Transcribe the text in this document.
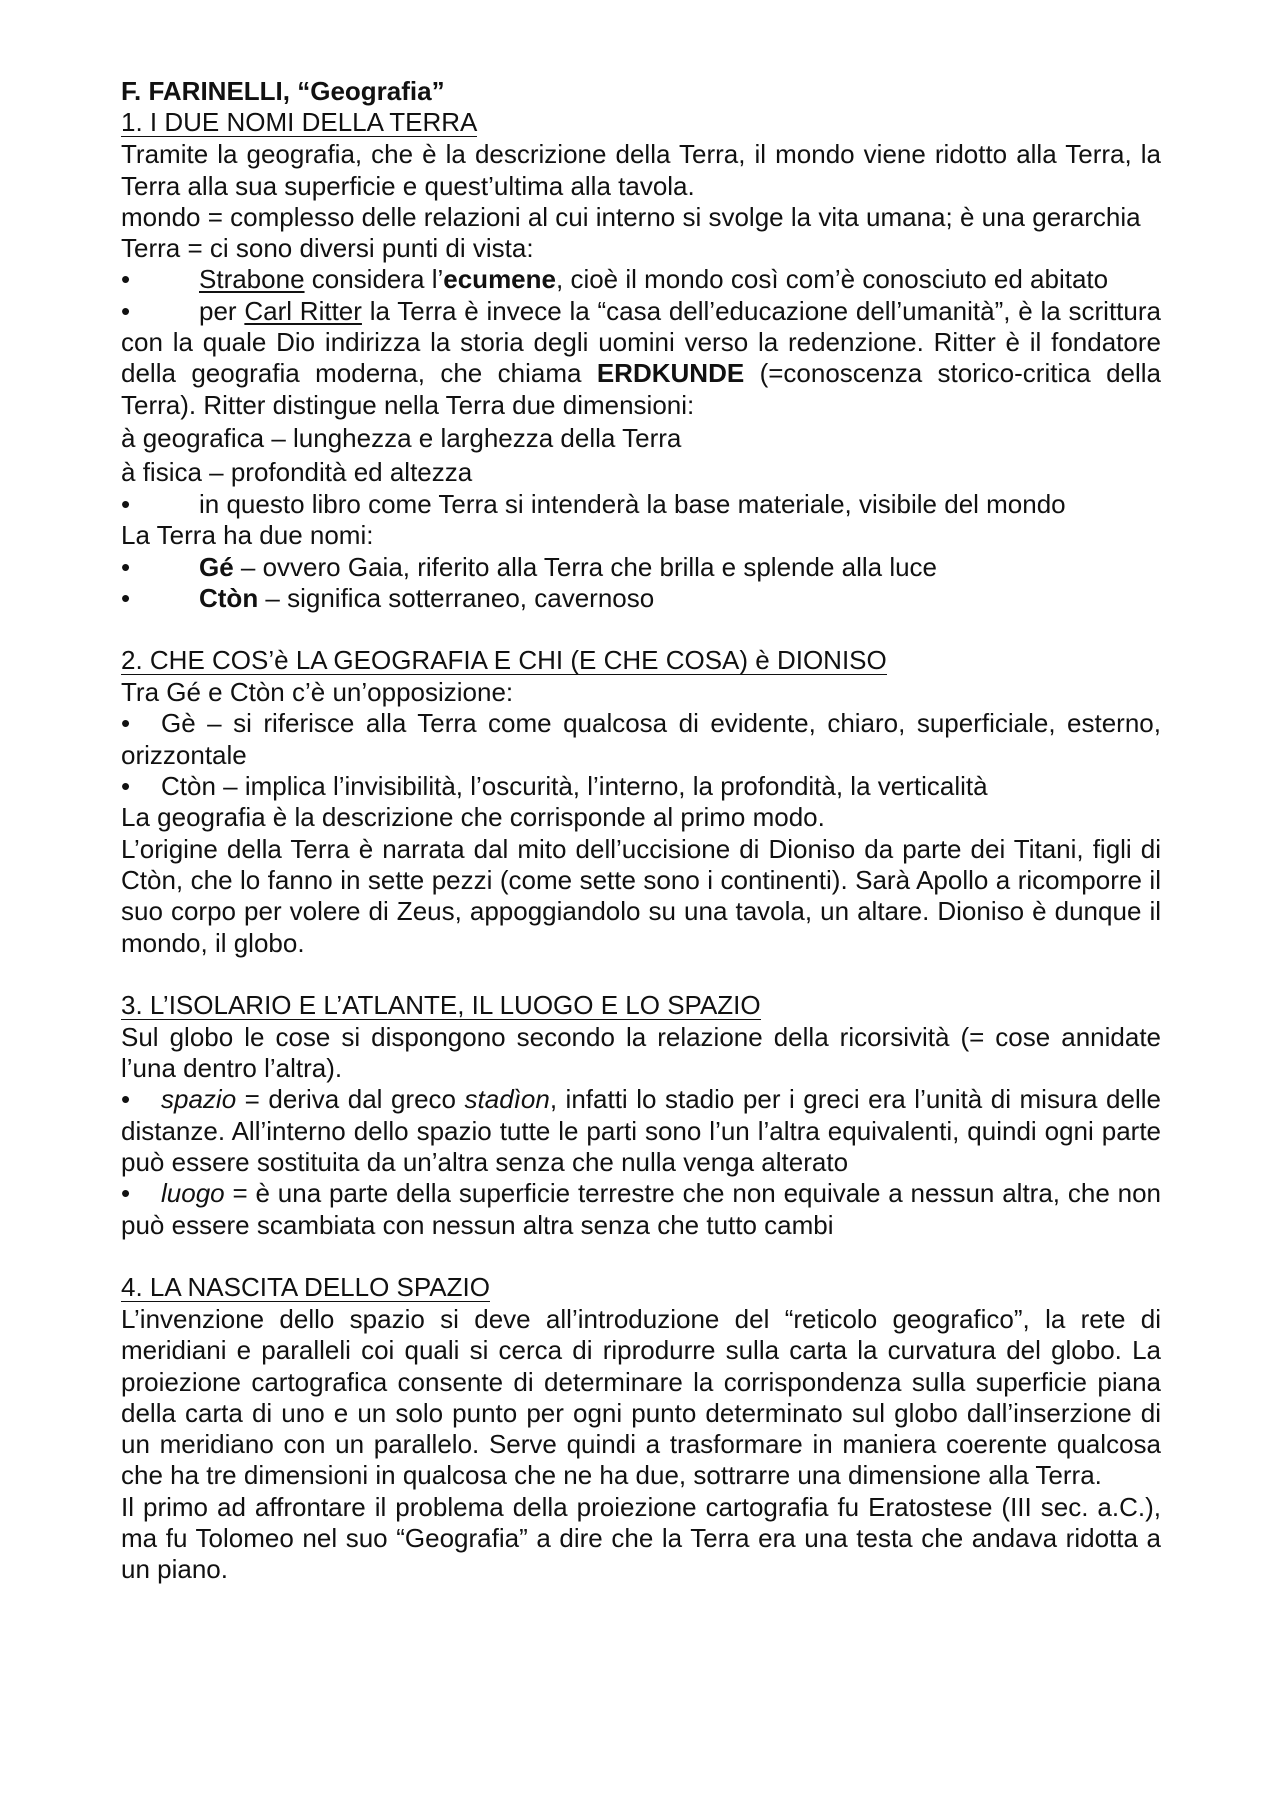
F. FARINELLI, “Geografia”

1. I DUE NOMI DELLA TERRA

Tramite la geografia, che è la descrizione della Terra, il mondo viene ridotto alla Terra, la Terra alla sua superficie e quest’ultima alla tavola.

mondo = complesso delle relazioni al cui interno si svolge la vita umana; è una gerarchia

Terra = ci sono diversi punti di vista:

•	Strabone considera l’ecumene, cioè il mondo così com’è conosciuto ed abitato

•	per Carl Ritter la Terra è invece la “casa dell’educazione dell’umanità”, è la scrittura con la quale Dio indirizza la storia degli uomini verso la redenzione. Ritter è il fondatore della geografia moderna, che chiama ERDKUNDE (=conoscenza storico-critica della Terra). Ritter distingue nella Terra due dimensioni:

à geografica – lunghezza e larghezza della Terra

à fisica – profondità ed altezza

•	in questo libro come Terra si intenderà la base materiale, visibile del mondo

La Terra ha due nomi:

•	Gé – ovvero Gaia, riferito alla Terra che brilla e splende alla luce

•	Ctòn – significa sotterraneo, cavernoso

2. CHE COS’è LA GEOGRAFIA E CHI (E CHE COSA) è DIONISO

Tra Gé e Ctòn c’è un’opposizione:

• Gè – si riferisce alla Terra come qualcosa di evidente, chiaro, superficiale, esterno, orizzontale

• Ctòn – implica l’invisibilità, l’oscurità, l’interno, la profondità, la verticalità

La geografia è la descrizione che corrisponde al primo modo.

L’origine della Terra è narrata dal mito dell’uccisione di Dioniso da parte dei Titani, figli di Ctòn, che lo fanno in sette pezzi (come sette sono i continenti). Sarà Apollo a ricomporre il suo corpo per volere di Zeus, appoggiandolo su una tavola, un altare. Dioniso è dunque il mondo, il globo.

3. L’ISOLARIO E L’ATLANTE, IL LUOGO E LO SPAZIO

Sul globo le cose si dispongono secondo la relazione della ricorsività (= cose annidate l’una dentro l’altra).

• spazio = deriva dal greco stadìon, infatti lo stadio per i greci era l’unità di misura delle distanze. All’interno dello spazio tutte le parti sono l’un l’altra equivalenti, quindi ogni parte può essere sostituita da un’altra senza che nulla venga alterato

• luogo = è una parte della superficie terrestre che non equivale a nessun altra, che non può essere scambiata con nessun altra senza che tutto cambi

4. LA NASCITA DELLO SPAZIO

L’invenzione dello spazio si deve all’introduzione del “reticolo geografico”, la rete di meridiani e paralleli coi quali si cerca di riprodurre sulla carta la curvatura del globo. La proiezione cartografica consente di determinare la corrispondenza sulla superficie piana della carta di uno e un solo punto per ogni punto determinato sul globo dall’inserzione di un meridiano con un parallelo. Serve quindi a trasformare in maniera coerente qualcosa che ha tre dimensioni in qualcosa che ne ha due, sottrarre una dimensione alla Terra.

Il primo ad affrontare il problema della proiezione cartografia fu Eratostese (III sec. a.C.), ma fu Tolomeo nel suo “Geografia” a dire che la Terra era una testa che andava ridotta a un piano.
